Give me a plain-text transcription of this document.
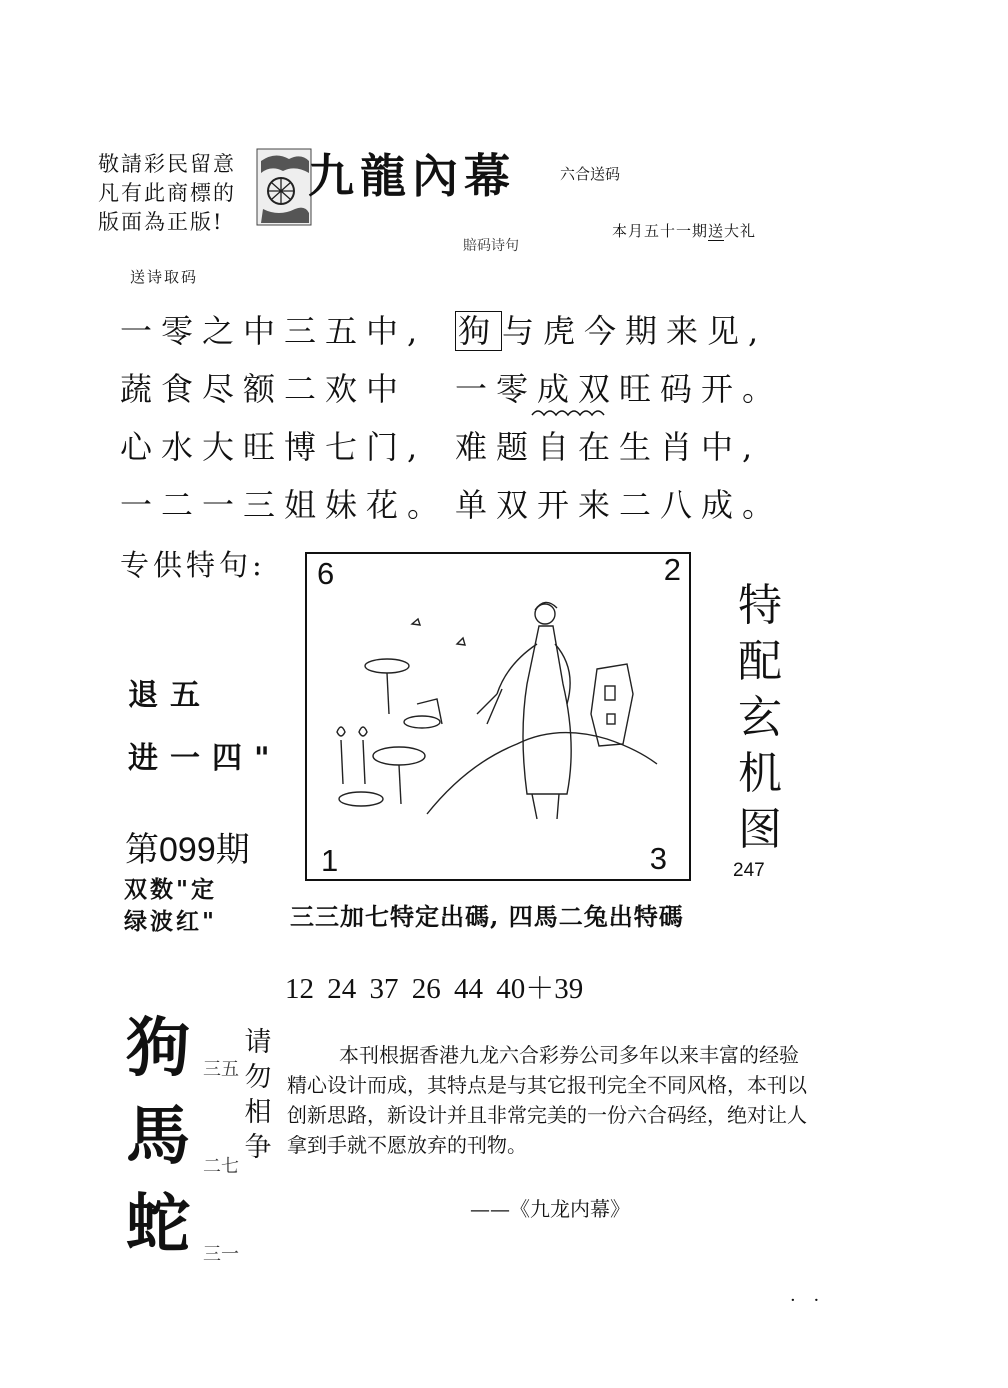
敬請彩民留意
凡有此商標的
版面為正版!
九龍內幕	六合送码
本月五十一期送大礼
賠码诗句
送诗取码
一零之中三五中,
蔬食尽额二欢中
心水大旺博七门,
一二一三姐妹花。
狗与虎今期来见,
一零成双旺码开。
难题自在生肖中,
单双开来二八成。
专供特句:
退五
进一四"
6	2
1	3
特
配
玄
机
图
247
第099期
双数"定
绿波红"	三三加七特定出碼, 四馬二兔出特碼
12 24 37 26 44 40＋39
狗
馬
蛇
三五
二七
三一
请
勿
相
争

本刊根据香港九龙六合彩券公司多年以来丰富的经验精心设计而成，其特点是与其它报刊完全不同风格，本刊以创新思路，新设计并且非常完美的一份六合码经，绝对让人拿到手就不愿放弃的刊物。

——《九龙内幕》
· ·
